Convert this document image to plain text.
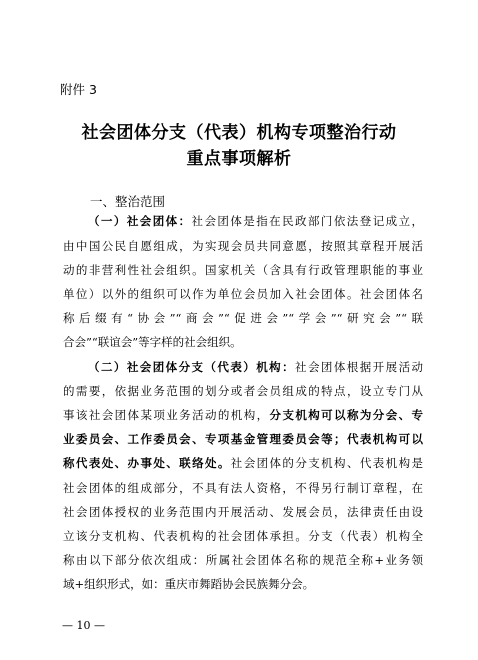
附件 3
社会团体分支（代表）机构专项整治行动
重点事项解析
一、整治范围
（一）社会团体：社会团体是指在民政部门依法登记成立，
由中国公民自愿组成，为实现会员共同意愿，按照其章程开展活
动的非营利性社会组织。国家机关（含具有行政管理职能的事业
单位）以外的组织可以作为单位会员加入社会团体。社会团体名
称后缀有“协会”“商会”“促进会”“学会”“研究会”“联
合会”“联谊会”等字样的社会组织。
（二）社会团体分支（代表）机构：社会团体根据开展活动
的需要，依据业务范围的划分或者会员组成的特点，设立专门从
事该社会团体某项业务活动的机构，分支机构可以称为分会、专
业委员会、工作委员会、专项基金管理委员会等；代表机构可以
称代表处、办事处、联络处。社会团体的分支机构、代表机构是
社会团体的组成部分，不具有法人资格，不得另行制订章程，在
社会团体授权的业务范围内开展活动、发展会员，法律责任由设
立该分支机构、代表机构的社会团体承担。分支（代表）机构全
称由以下部分依次组成：所属社会团体名称的规范全称+业务领
域+组织形式，如：重庆市舞蹈协会民族舞分会。
— 10 —
